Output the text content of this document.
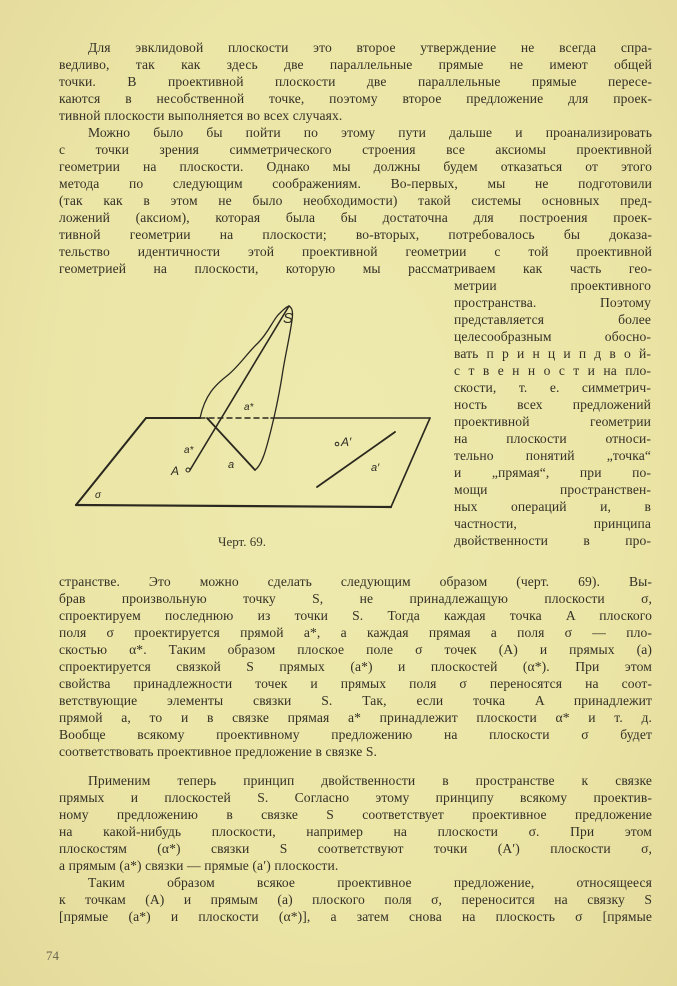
Для эвклидовой плоскости это второе утверждение не всегда спра-
ведливо, так как здесь две параллельные прямые не имеют общей
точки. В проективной плоскости две параллельные прямые пересе-
каются в несобственной точке, поэтому второе предложение для проек-
тивной плоскости выполняется во всех случаях.
Можно было бы пойти по этому пути дальше и проанализировать
с точки зрения симметрического строения все аксиомы проективной
геометрии на плоскости. Однако мы должны будем отказаться от этого
метода по следующим соображениям. Во-первых, мы не подготовили
(так как в этом не было необходимости) такой системы основных пред-
ложений (аксиом), которая была бы достаточна для построения проек-
тивной геометрии на плоскости; во-вторых, потребовалось бы доказа-
тельство идентичности этой проективной геометрии с той проективной
геометрией на плоскости, которую мы рассматриваем как часть гео-
метрии проективного
пространства. Поэтому
представляется более
целесообразным обосно-
вать п р и н ц и п д в о й-
с т в е н н о с т и на пло-
скости, т. е. симметрич-
ность всех предложений
проективной геометрии
на плоскости относи-
тельно понятий „точка“
и „прямая“, при по-
мощи пространствен-
ных операций и, в
частности, принципа
двойственности в про-
S
a*
a*
A	a
A′
a′
σ
Черт. 69.
странстве. Это можно сделать следующим образом (черт. 69). Вы-
брав произвольную точку S, не принадлежащую плоскости σ,
спроектируем последнюю из точки S. Тогда каждая точка A плоского
поля σ проектируется прямой a*, а каждая прямая a поля σ — пло-
скостью α*. Таким образом плоское поле σ точек (A) и прямых (a)
спроектируется связкой S прямых (a*) и плоскостей (α*). При этом
свойства принадлежности точек и прямых поля σ переносятся на соот-
ветствующие элементы связки S. Так, если точка A принадлежит
прямой a, то и в связке прямая a* принадлежит плоскости α* и т. д.
Вообще всякому проективному предложению на плоскости σ будет
соответствовать проективное предложение в связке S.
Применим теперь принцип двойственности в пространстве к связке
прямых и плоскостей S. Согласно этому принципу всякому проектив-
ному предложению в связке S соответствует проективное предложение
на какой-нибудь плоскости, например на плоскости σ. При этом
плоскостям (α*) связки S соответствуют точки (A′) плоскости σ,
а прямым (a*) связки — прямые (a′) плоскости.
Таким образом всякое проективное предложение, относящееся
к точкам (A) и прямым (a) плоского поля σ, переносится на связку S
[прямые (a*) и плоскости (α*)], а затем снова на плоскость σ [прямые
74
